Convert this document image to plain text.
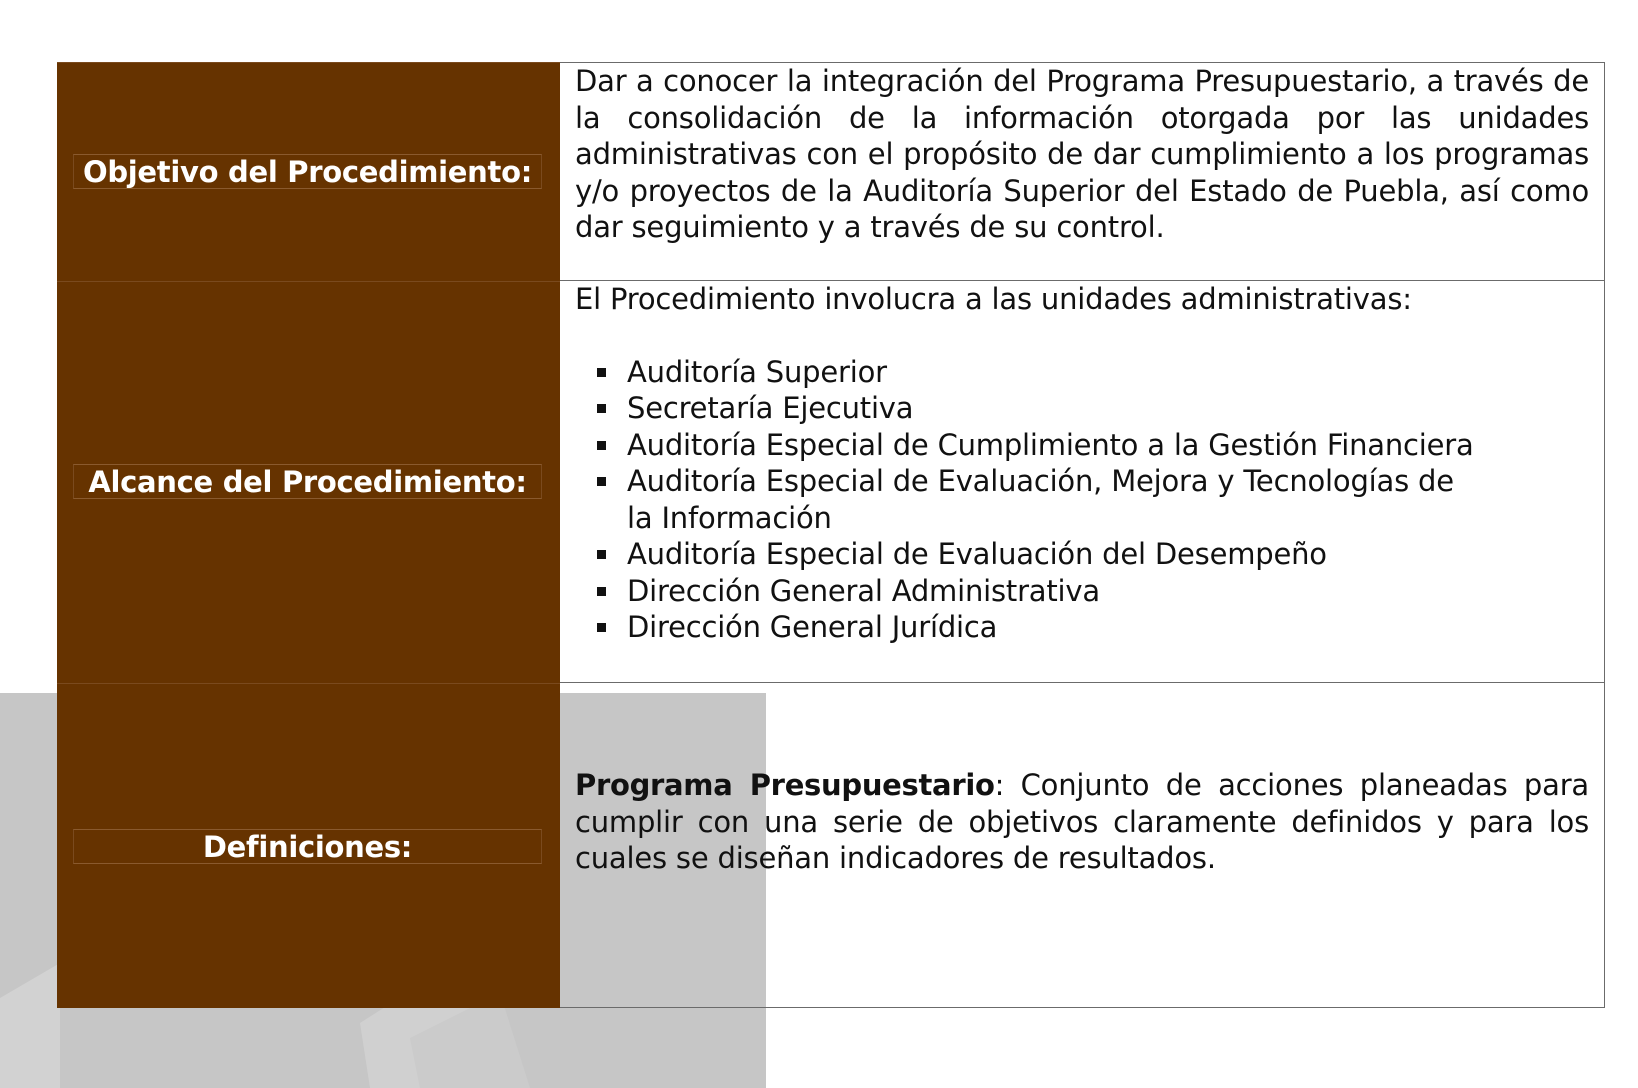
Objetivo del Procedimiento:
Dar a conocer la integración del Programa Presupuestario, a través de la consolidación de la información otorgada por las unidades administrativas con el propósito de dar cumplimiento a los programas y/o proyectos de la Auditoría Superior del Estado de Puebla, así como dar seguimiento y a través de su control.
Alcance del Procedimiento:
El Procedimiento involucra a las unidades administrativas:
Auditoría Superior
Secretaría Ejecutiva
Auditoría Especial de Cumplimiento a la Gestión Financiera
Auditoría Especial de Evaluación, Mejora y Tecnologías de la Información
Auditoría Especial de Evaluación del Desempeño
Dirección General Administrativa
Dirección General Jurídica
Definiciones:
Programa Presupuestario: Conjunto de acciones planeadas para cumplir con una serie de objetivos claramente definidos y para los cuales se diseñan indicadores de resultados.
